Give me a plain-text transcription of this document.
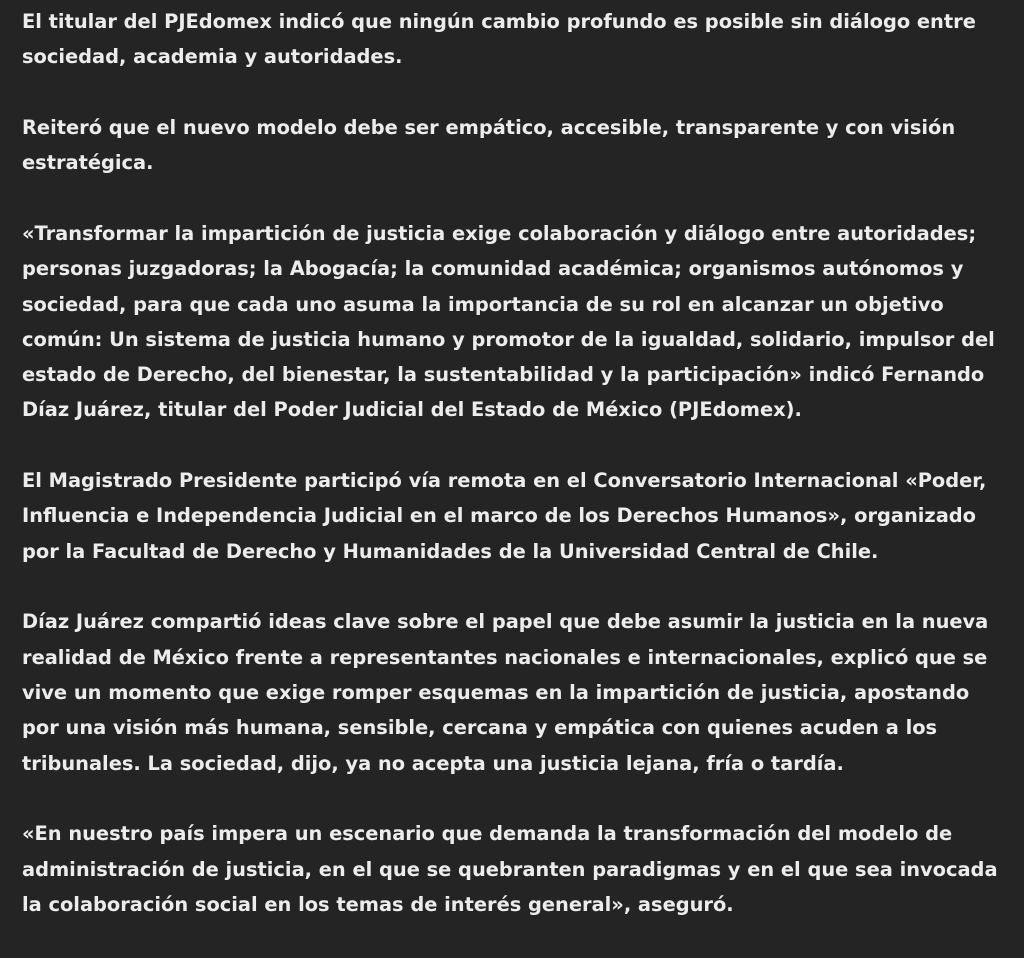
El titular del PJEdomex indicó que ningún cambio profundo es posible sin diálogo entre sociedad, academia y autoridades.

Reiteró que el nuevo modelo debe ser empático, accesible, transparente y con visión estratégica.

«Transformar la impartición de justicia exige colaboración y diálogo entre autoridades; personas juzgadoras; la Abogacía; la comunidad académica; organismos autónomos y sociedad, para que cada uno asuma la importancia de su rol en alcanzar un objetivo común: Un sistema de justicia humano y promotor de la igualdad, solidario, impulsor del estado de Derecho, del bienestar, la sustentabilidad y la participación» indicó Fernando Díaz Juárez, titular del Poder Judicial del Estado de México (PJEdomex).

El Magistrado Presidente participó vía remota en el Conversatorio Internacional «Poder, Influencia e Independencia Judicial en el marco de los Derechos Humanos», organizado por la Facultad de Derecho y Humanidades de la Universidad Central de Chile.

Díaz Juárez compartió ideas clave sobre el papel que debe asumir la justicia en la nueva realidad de México frente a representantes nacionales e internacionales, explicó que se vive un momento que exige romper esquemas en la impartición de justicia, apostando por una visión más humana, sensible, cercana y empática con quienes acuden a los tribunales. La sociedad, dijo, ya no acepta una justicia lejana, fría o tardía.

«En nuestro país impera un escenario que demanda la transformación del modelo de administración de justicia, en el que se quebranten paradigmas y en el que sea invocada la colaboración social en los temas de interés general», aseguró.
